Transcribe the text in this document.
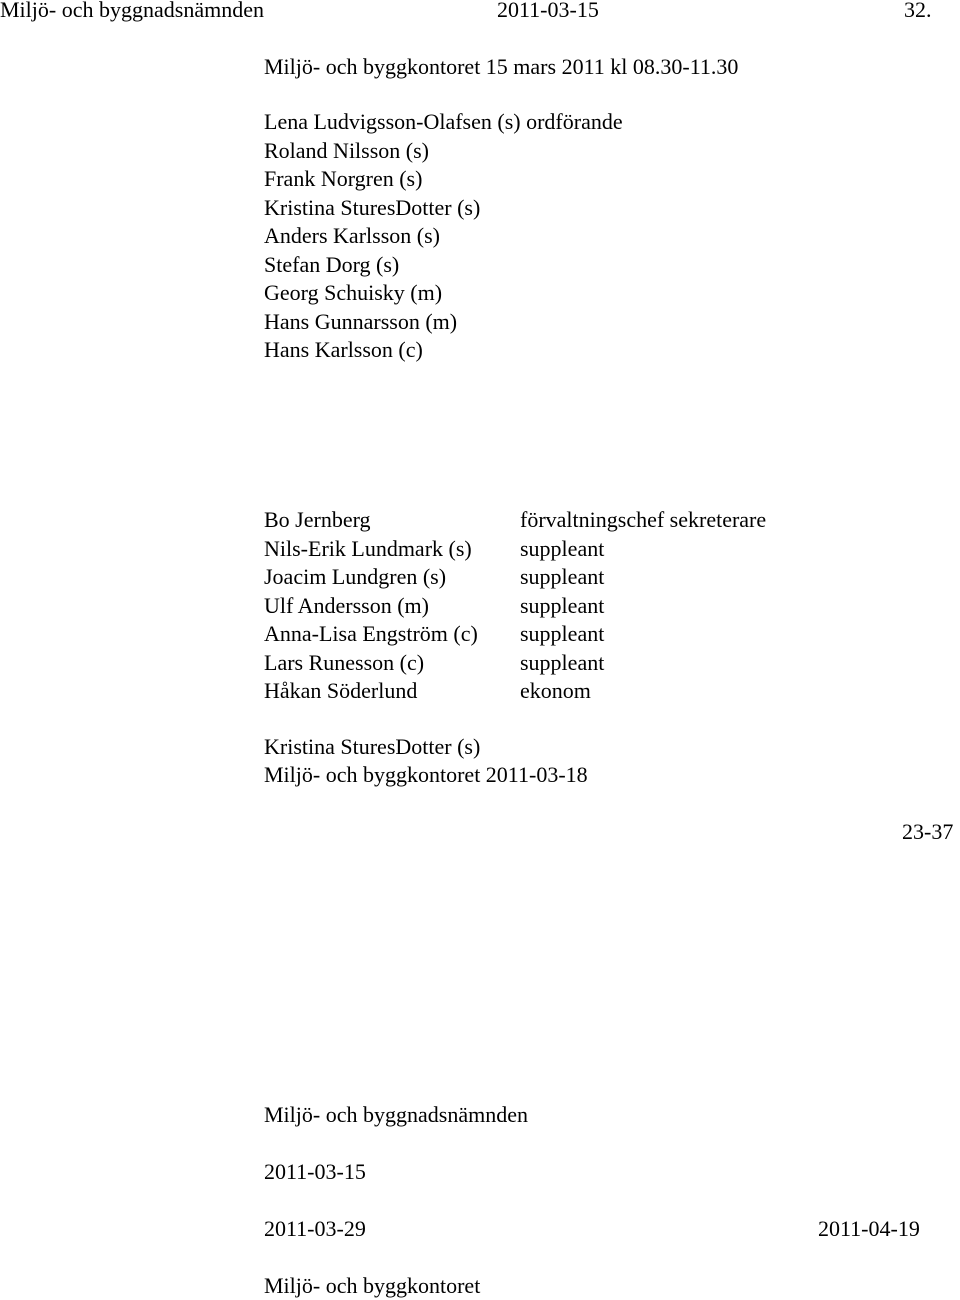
Miljö- och byggnadsnämnden	2011-03-15	32.
Miljö- och byggkontoret 15 mars 2011 kl 08.30-11.30
Lena Ludvigsson-Olafsen (s) ordförande
Roland Nilsson (s)
Frank Norgren (s)
Kristina SturesDotter (s)
Anders Karlsson (s)
Stefan Dorg (s)
Georg Schuisky (m)
Hans Gunnarsson (m)
Hans Karlsson (c)
Bo Jernberg	förvaltningschef sekreterare
Nils-Erik Lundmark (s) suppleant
Joacim Lundgren (s)	suppleant
Ulf Andersson (m)	suppleant
Anna-Lisa Engström (c) suppleant
Lars Runesson (c)	suppleant
Håkan Söderlund	ekonom
Kristina SturesDotter (s)
Miljö- och byggkontoret 2011-03-18
23-37
Miljö- och byggnadsnämnden
2011-03-15
2011-03-29	2011-04-19
Miljö- och byggkontoret
